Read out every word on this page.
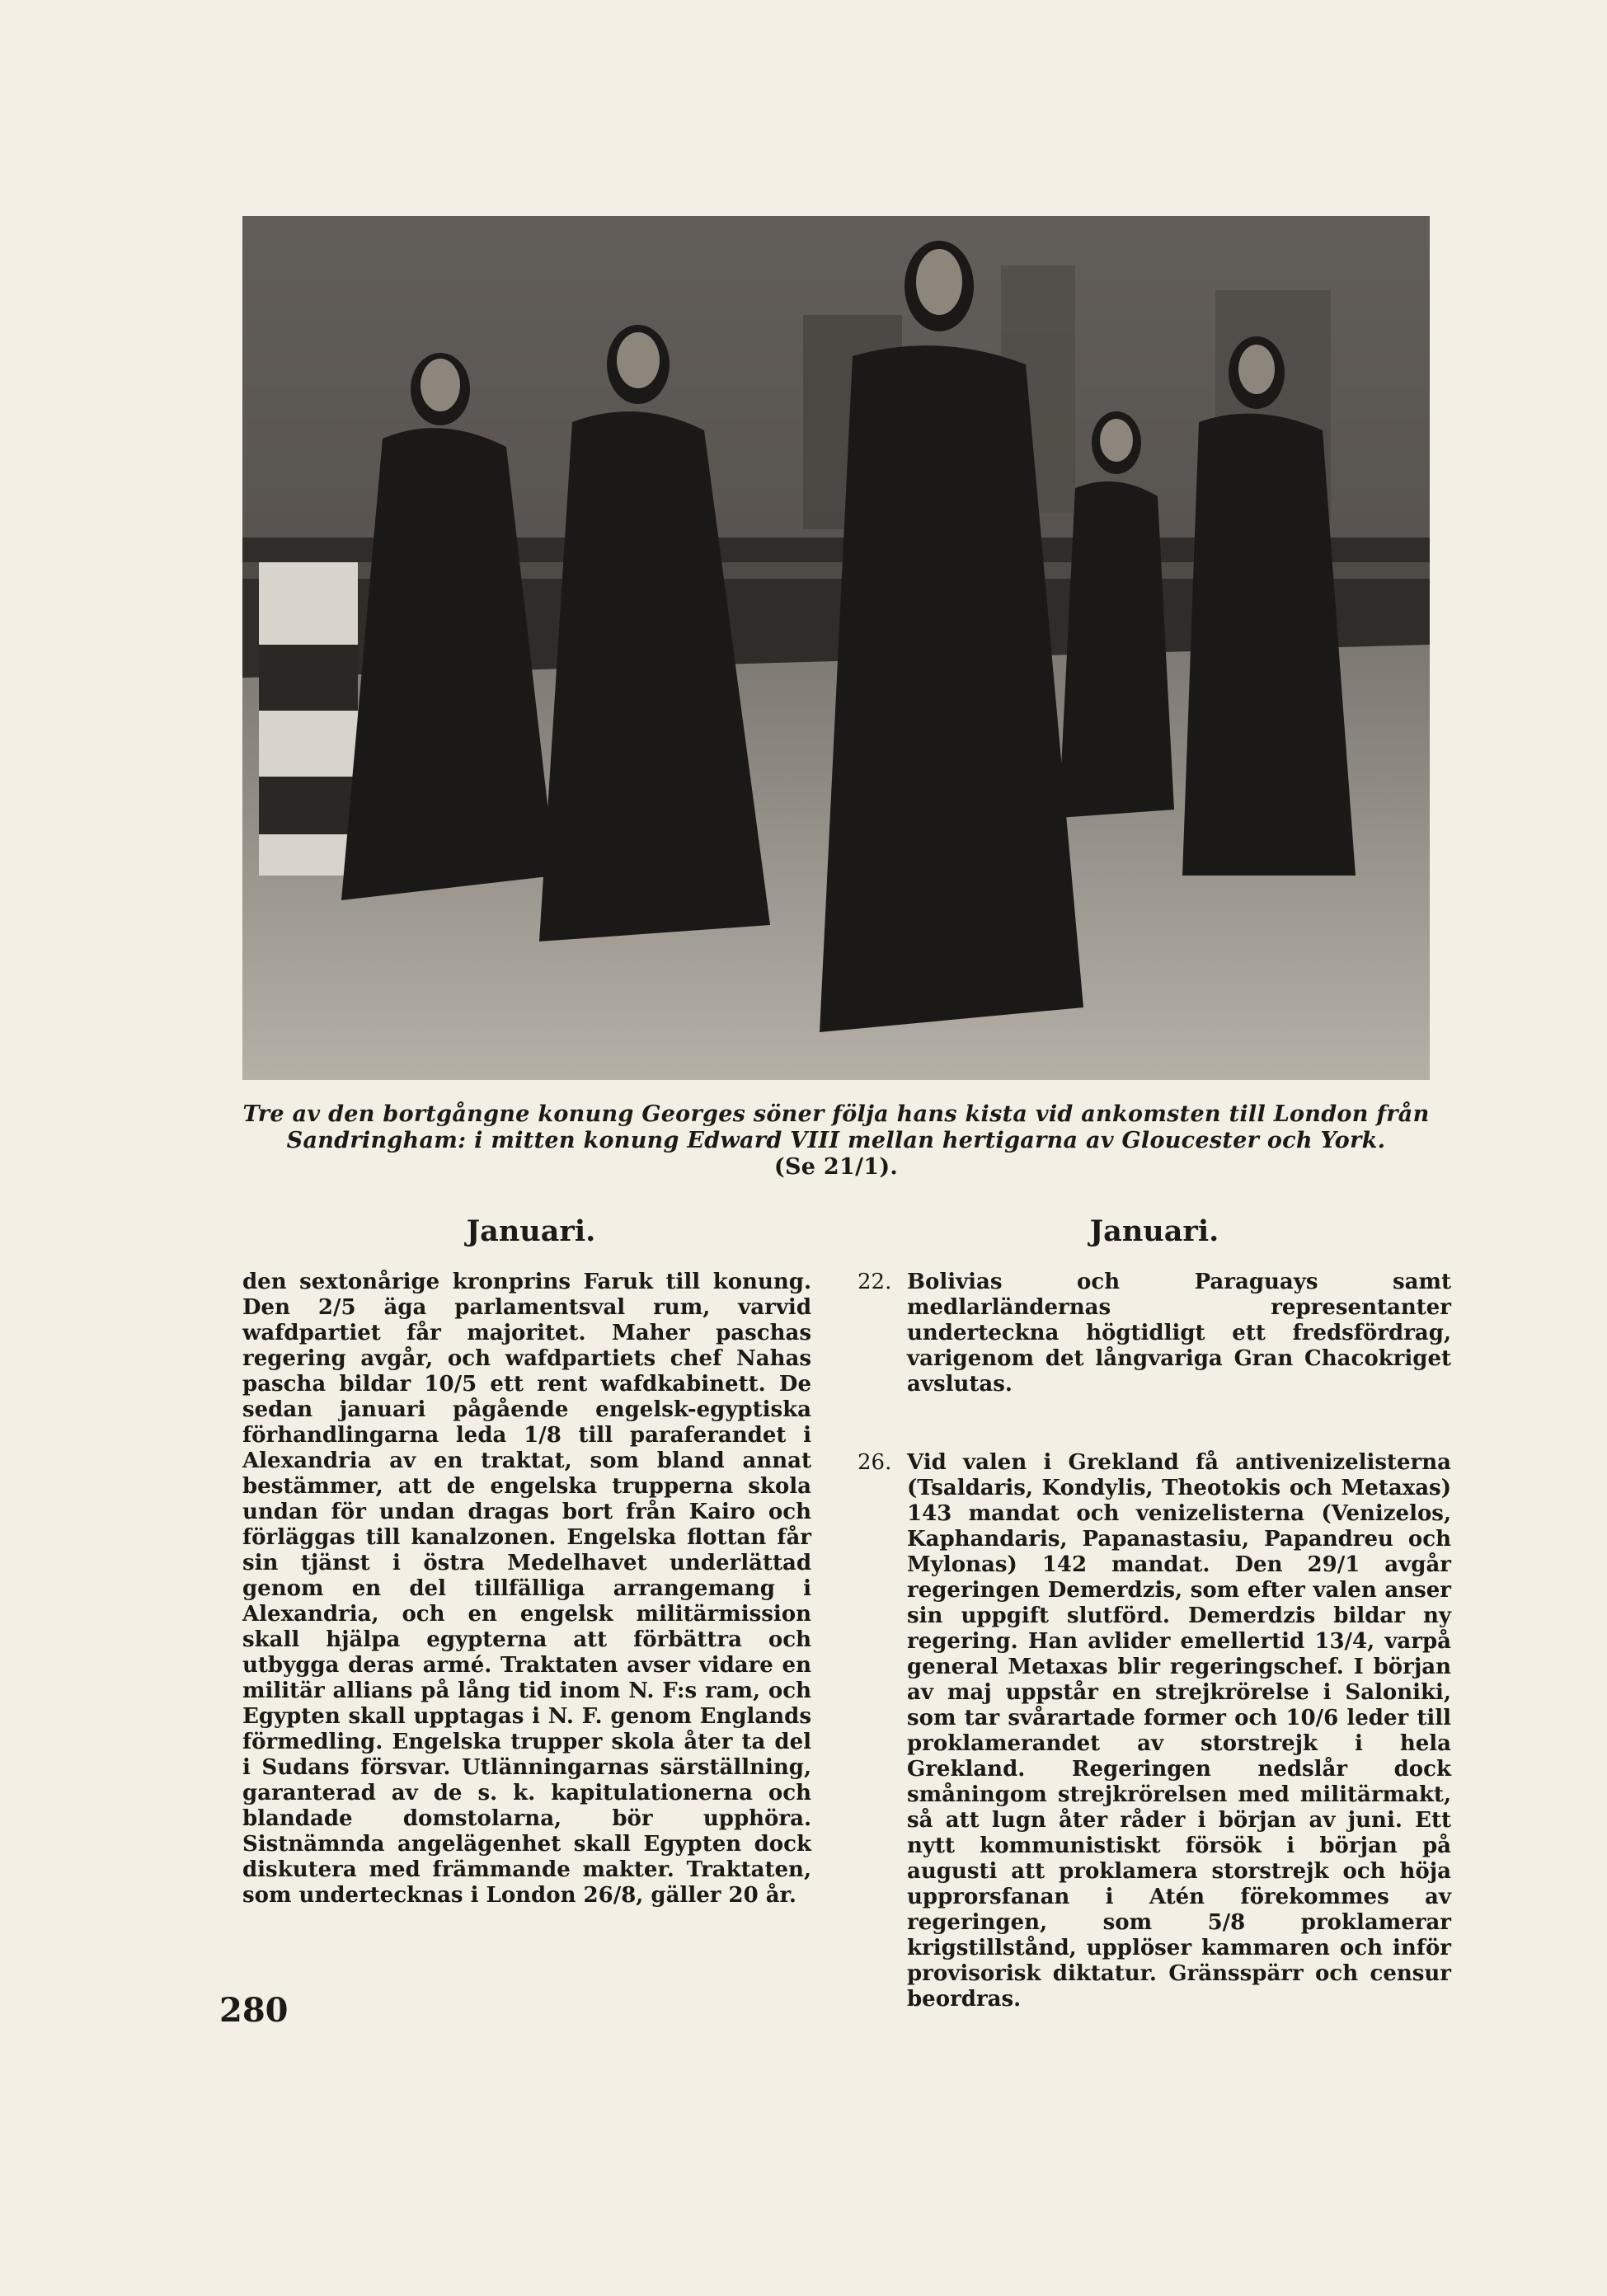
Tre av den bortgångne konung Georges söner följa hans kista vid ankomsten till London från Sandringham: i mitten konung Edward VIII mellan hertigarna av Gloucester och York.
(Se 21/1).
Januari.	Januari.
den sextonårige kronprins Faruk till konung. Den 2/5 äga parlamentsval rum, varvid wafdpartiet får majoritet. Maher paschas regering avgår, och wafdpartiets chef Nahas pascha bildar 10/5 ett rent wafdkabinett. De sedan januari pågående engelsk-egyptiska förhandlingarna leda 1/8 till paraferandet i Alexandria av en traktat, som bland annat bestämmer, att de engelska trupperna skola undan för undan dragas bort från Kairo och förläggas till kanalzonen. Engelska flottan får sin tjänst i östra Medelhavet underlättad genom en del tillfälliga arrangemang i Alexandria, och en engelsk militärmission skall hjälpa egypterna att förbättra och utbygga deras armé. Traktaten avser vidare en militär allians på lång tid inom N. F:s ram, och Egypten skall upptagas i N. F. genom Englands förmedling. Engelska trupper skola åter ta del i Sudans försvar. Utlänningarnas särställning, garanterad av de s. k. kapitulationerna och blandade domstolarna, bör upphöra. Sistnämnda angelägenhet skall Egypten dock diskutera med främmande makter. Traktaten, som undertecknas i London 26/8, gäller 20 år.
22. Bolivias och Paraguays samt medlarländernas representanter underteckna högtidligt ett fredsfördrag, varigenom det långvariga Gran Chacokriget avslutas.
26. Vid valen i Grekland få antivenizelisterna (Tsaldaris, Kondylis, Theotokis och Metaxas) 143 mandat och venizelisterna (Venizelos, Kaphandaris, Papanastasiu, Papandreu och Mylonas) 142 mandat. Den 29/1 avgår regeringen Demerdzis, som efter valen anser sin uppgift slutförd. Demerdzis bildar ny regering. Han avlider emellertid 13/4, varpå general Metaxas blir regeringschef. I början av maj uppstår en strejkrörelse i Saloniki, som tar svårartade former och 10/6 leder till proklamerandet av storstrejk i hela Grekland. Regeringen nedslår dock småningom strejkrörelsen med militärmakt, så att lugn åter råder i början av juni. Ett nytt kommunistiskt försök i början på augusti att proklamera storstrejk och höja upprorsfanan i Atén förekommes av regeringen, som 5/8 proklamerar krigstillstånd, upplöser kammaren och inför provisorisk diktatur. Gränsspärr och censur beordras.
280
